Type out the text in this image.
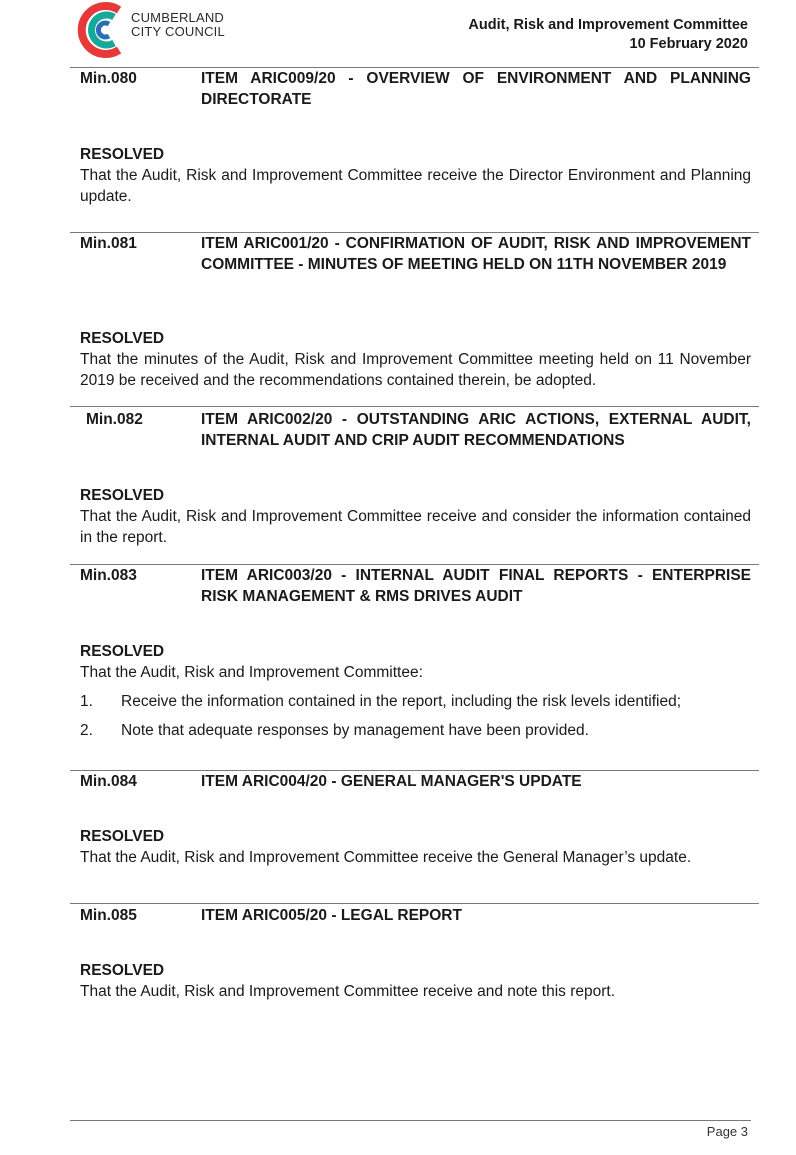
CUMBERLAND
CITY COUNCIL	Audit, Risk and Improvement Committee
10 February 2020
Min.080	ITEM ARIC009/20 - OVERVIEW OF ENVIRONMENT AND PLANNING DIRECTORATE
RESOLVED

That the Audit, Risk and Improvement Committee receive the Director Environment and Planning update.

Min.081	ITEM ARIC001/20 - CONFIRMATION OF AUDIT, RISK AND IMPROVEMENT COMMITTEE - MINUTES OF MEETING HELD ON 11TH NOVEMBER 2019
RESOLVED

That the minutes of the Audit, Risk and Improvement Committee meeting held on 11 November 2019 be received and the recommendations contained therein, be adopted.

Min.082	ITEM ARIC002/20 - OUTSTANDING ARIC ACTIONS, EXTERNAL AUDIT, INTERNAL AUDIT AND CRIP AUDIT RECOMMENDATIONS
RESOLVED

That the Audit, Risk and Improvement Committee receive and consider the information contained in the report.

Min.083	ITEM ARIC003/20 - INTERNAL AUDIT FINAL REPORTS - ENTERPRISE RISK MANAGEMENT & RMS DRIVES AUDIT
RESOLVED

That the Audit, Risk and Improvement Committee:

1. Receive the information contained in the report, including the risk levels identified;
2. Note that adequate responses by management have been provided.
Min.084	ITEM ARIC004/20 - GENERAL MANAGER'S UPDATE
RESOLVED

That the Audit, Risk and Improvement Committee receive the General Manager’s update.

Min.085	ITEM ARIC005/20 - LEGAL REPORT
RESOLVED

That the Audit, Risk and Improvement Committee receive and note this report.

Page 3
